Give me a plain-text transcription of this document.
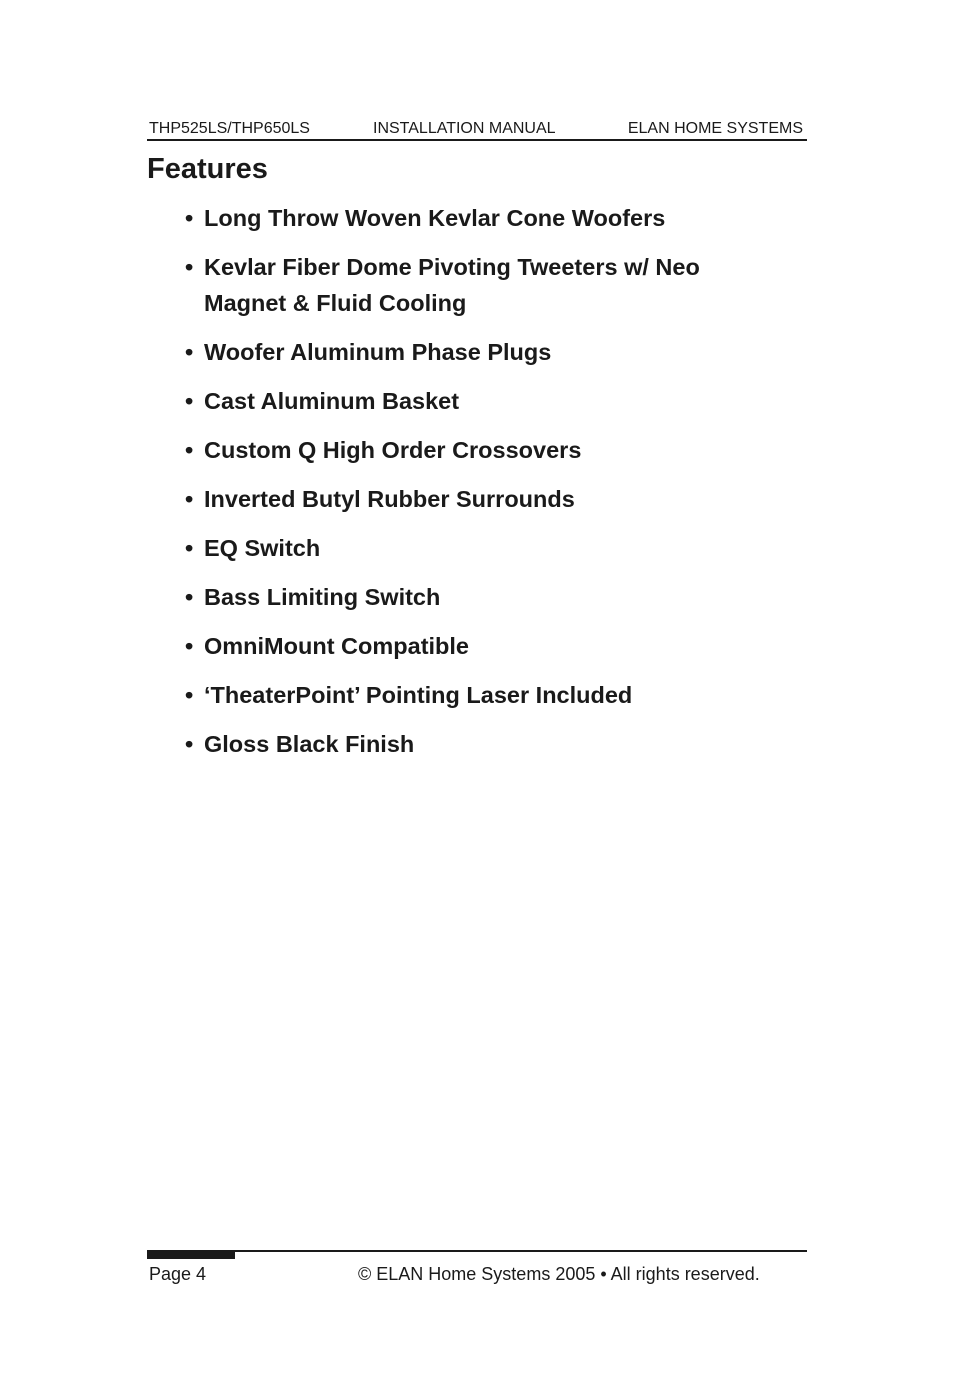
THP525LS/THP650LS	INSTALLATION MANUAL	ELAN HOME SYSTEMS
Features
• Long Throw Woven Kevlar Cone Woofers
• Kevlar Fiber Dome Pivoting Tweeters w/ Neo Magnet & Fluid Cooling
• Woofer Aluminum Phase Plugs
• Cast Aluminum Basket
• Custom Q High Order Crossovers
• Inverted Butyl Rubber Surrounds
• EQ Switch
• Bass Limiting Switch
• OmniMount Compatible
• ‘TheaterPoint’ Pointing Laser Included
• Gloss Black Finish
Page 4	© ELAN Home Systems 2005 • All rights reserved.
